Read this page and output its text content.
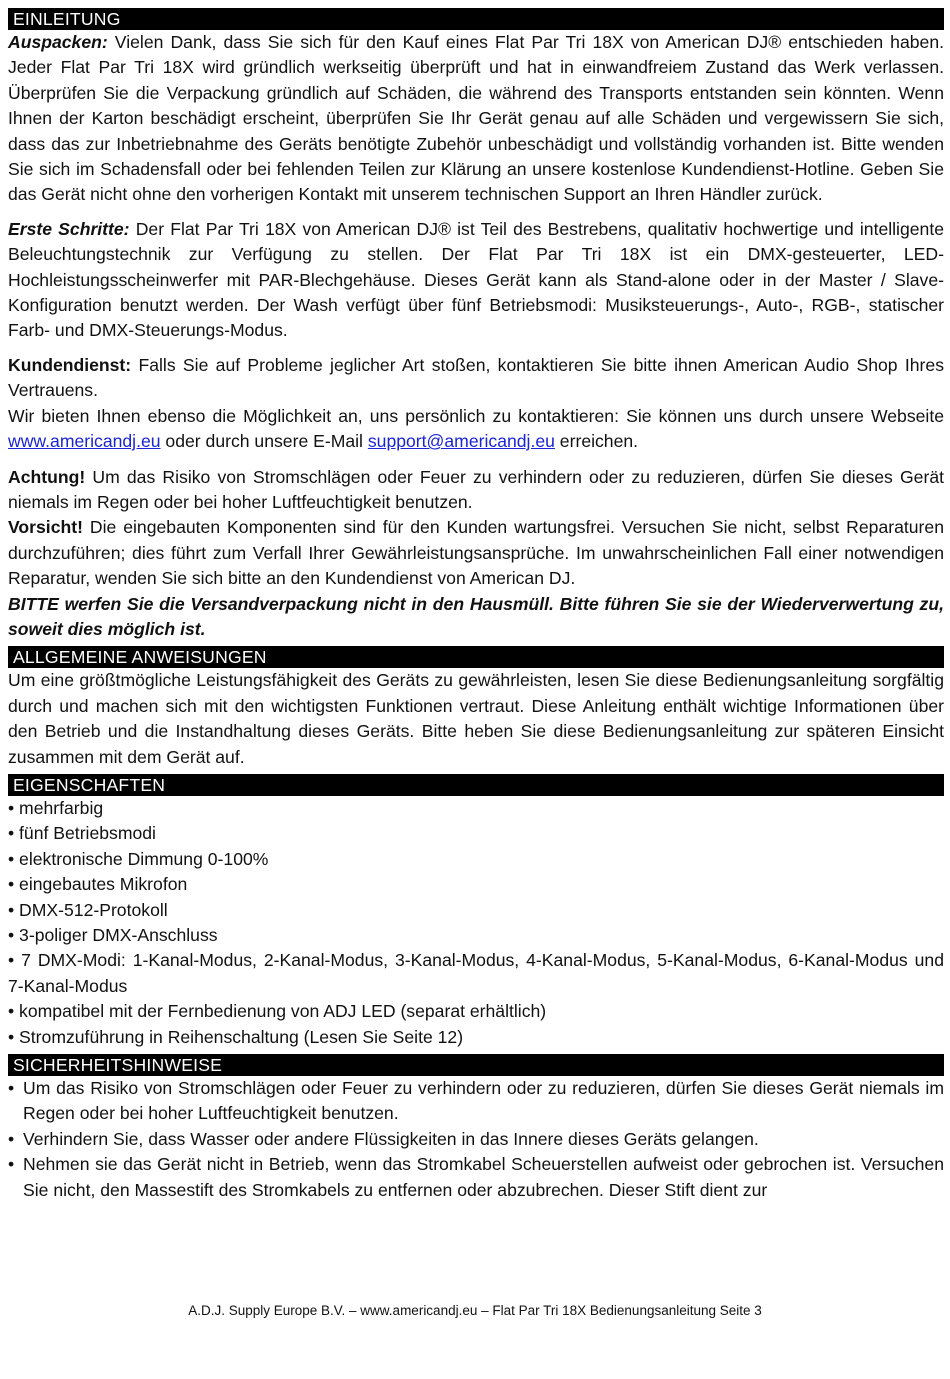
EINLEITUNG

Auspacken: Vielen Dank, dass Sie sich für den Kauf eines Flat Par Tri 18X von American DJ® entschieden haben. Jeder Flat Par Tri 18X wird gründlich werkseitig überprüft und hat in einwandfreiem Zustand das Werk verlassen. Überprüfen Sie die Verpackung gründlich auf Schäden, die während des Transports entstanden sein könnten. Wenn Ihnen der Karton beschädigt erscheint, überprüfen Sie Ihr Gerät genau auf alle Schäden und vergewissern Sie sich, dass das zur Inbetriebnahme des Geräts benötigte Zubehör unbeschädigt und vollständig vorhanden ist. Bitte wenden Sie sich im Schadensfall oder bei fehlenden Teilen zur Klärung an unsere kostenlose Kundendienst-Hotline. Geben Sie das Gerät nicht ohne den vorherigen Kontakt mit unserem technischen Support an Ihren Händler zurück.

Erste Schritte: Der Flat Par Tri 18X von American DJ® ist Teil des Bestrebens, qualitativ hochwertige und intelligente Beleuchtungstechnik zur Verfügung zu stellen. Der Flat Par Tri 18X ist ein DMX-gesteuerter, LED-Hochleistungsscheinwerfer mit PAR-Blechgehäuse. Dieses Gerät kann als Stand-alone oder in der Master / Slave-Konfiguration benutzt werden. Der Wash verfügt über fünf Betriebsmodi: Musiksteuerungs-, Auto-, RGB-, statischer Farb- und DMX-Steuerungs-Modus.

Kundendienst: Falls Sie auf Probleme jeglicher Art stoßen, kontaktieren Sie bitte ihnen American Audio Shop Ihres Vertrauens.

Wir bieten Ihnen ebenso die Möglichkeit an, uns persönlich zu kontaktieren: Sie können uns durch unsere Webseite www.americandj.eu oder durch unsere E-Mail support@americandj.eu erreichen.

Achtung! Um das Risiko von Stromschlägen oder Feuer zu verhindern oder zu reduzieren, dürfen Sie dieses Gerät niemals im Regen oder bei hoher Luftfeuchtigkeit benutzen.

Vorsicht! Die eingebauten Komponenten sind für den Kunden wartungsfrei. Versuchen Sie nicht, selbst Reparaturen durchzuführen; dies führt zum Verfall Ihrer Gewährleistungsansprüche. Im unwahrscheinlichen Fall einer notwendigen Reparatur, wenden Sie sich bitte an den Kundendienst von American DJ.

BITTE werfen Sie die Versandverpackung nicht in den Hausmüll. Bitte führen Sie sie der Wiederverwertung zu, soweit dies möglich ist.

ALLGEMEINE ANWEISUNGEN

Um eine größtmögliche Leistungsfähigkeit des Geräts zu gewährleisten, lesen Sie diese Bedienungsanleitung sorgfältig durch und machen sich mit den wichtigsten Funktionen vertraut. Diese Anleitung enthält wichtige Informationen über den Betrieb und die Instandhaltung dieses Geräts. Bitte heben Sie diese Bedienungsanleitung zur späteren Einsicht zusammen mit dem Gerät auf.

EIGENSCHAFTEN
• mehrfarbig
• fünf Betriebsmodi
• elektronische Dimmung 0-100%
• eingebautes Mikrofon
• DMX-512-Protokoll
• 3-poliger DMX-Anschluss
• 7 DMX-Modi: 1-Kanal-Modus, 2-Kanal-Modus, 3-Kanal-Modus, 4-Kanal-Modus, 5-Kanal-Modus, 6-Kanal-Modus und 7-Kanal-Modus
• kompatibel mit der Fernbedienung von ADJ LED (separat erhältlich)
• Stromzuführung in Reihenschaltung (Lesen Sie Seite 12)
SICHERHEITSHINWEISE
• Um das Risiko von Stromschlägen oder Feuer zu verhindern oder zu reduzieren, dürfen Sie dieses Gerät niemals im Regen oder bei hoher Luftfeuchtigkeit benutzen.
• Verhindern Sie, dass Wasser oder andere Flüssigkeiten in das Innere dieses Geräts gelangen.
• Nehmen sie das Gerät nicht in Betrieb, wenn das Stromkabel Scheuerstellen aufweist oder gebrochen ist. Versuchen Sie nicht, den Massestift des Stromkabels zu entfernen oder abzubrechen. Dieser Stift dient zur
A.D.J. Supply Europe B.V. – www.americandj.eu – Flat Par Tri 18X Bedienungsanleitung Seite 3
